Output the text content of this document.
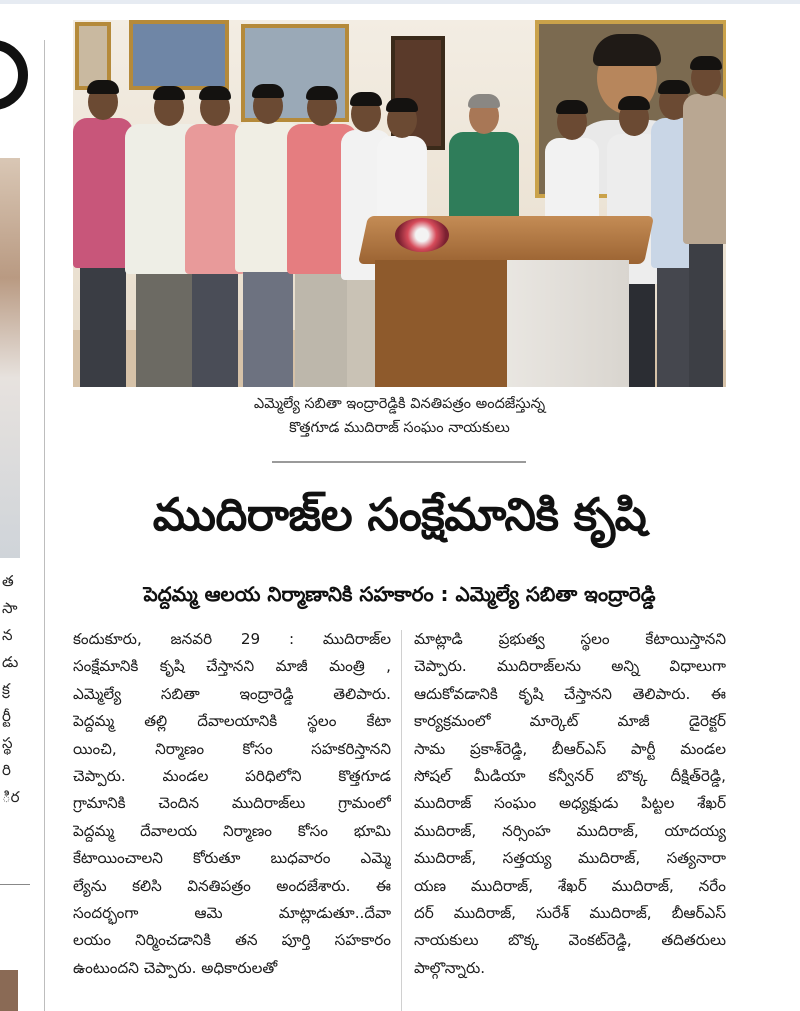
త
సా
న
డు
క్ర
ర్టీ
స్థ
రి
ిర
ఎమ్మెల్యే సబితా ఇంద్రారెడ్డికి వినతిపత్రం అందజేస్తున్న
కొత్తగూడ ముదిరాజ్ సంఘం నాయకులు
ముదిరాజ్‌ల సంక్షేమానికి కృషి
పెద్దమ్మ ఆలయ నిర్మాణానికి సహకారం : ఎమ్మెల్యే సబితా ఇంద్రారెడ్డి
కందుకూరు, జనవరి 29 : ముదిరాజ్‌ల
సంక్షేమానికి కృషి చేస్తానని మాజీ మంత్రి ,
ఎమ్మెల్యే సబితా ఇంద్రారెడ్డి తెలిపారు.
పెద్దమ్మ తల్లి దేవాలయానికి స్థలం కేటా
యించి, నిర్మాణం కోసం సహకరిస్తానని
చెప్పారు. మండల పరిధిలోని కొత్తగూడ
గ్రామానికి చెందిన ముదిరాజ్‌లు గ్రామంలో
పెద్దమ్మ దేవాలయ నిర్మాణం కోసం భూమి
కేటాయించాలని కోరుతూ బుధవారం ఎమ్మె
ల్యేను కలిసి వినతిపత్రం అందజేశారు. ఈ
సందర్భంగా ఆమె మాట్లాడుతూ..దేవా
లయం నిర్మించడానికి తన పూర్తి సహకారం
ఉంటుందని చెప్పారు. అధికారులతో
మాట్లాడి ప్రభుత్వ స్థలం కేటాయిస్తానని
చెప్పారు. ముదిరాజ్‌లను అన్ని విధాలుగా
ఆదుకోవడానికి కృషి చేస్తానని తెలిపారు. ఈ
కార్యక్రమంలో మార్కెట్ మాజీ డైరెక్టర్
సామ ప్రకాశ్‌రెడ్డి, బీఆర్‌ఎస్ పార్టీ మండల
సోషల్ మీడియా కన్వీనర్ బొక్క దీక్షిత్‌రెడ్డి,
ముదిరాజ్ సంఘం అధ్యక్షుడు పిట్టల శేఖర్
ముదిరాజ్, నర్సింహ ముదిరాజ్, యాదయ్య
ముదిరాజ్, సత్తయ్య ముదిరాజ్, సత్యనారా
యణ ముదిరాజ్, శేఖర్ ముదిరాజ్, నరేం
దర్ ముదిరాజ్, సురేశ్ ముదిరాజ్, బీఆర్‌ఎస్
నాయకులు బొక్క వెంకట్‌రెడ్డి, తదితరులు
పాల్గొన్నారు.
